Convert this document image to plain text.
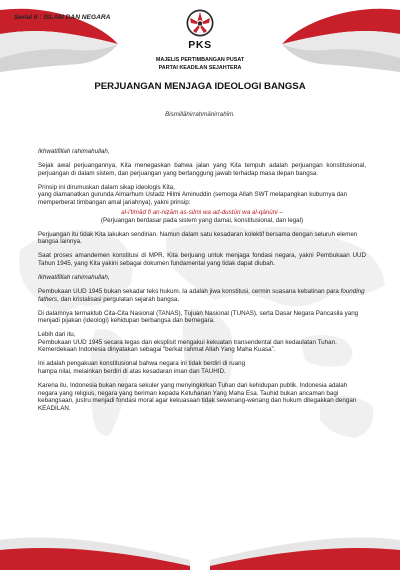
Serial 6 : ISLAM DAN NEGARA
PKS
MAJELIS PERTIMBANGAN PUSAT
PARTAI KEADILAN SEJAHTERA
PERJUANGAN MENJAGA IDEOLOGI BANGSA
Bismillāhirraḥmānirraḥīm.

Ikhwatifillah rahimahullah,

Sejak awal perjuangannya, Kita menegaskan bahwa jalan yang Kita tempuh adalah perjuangan konstitusional, perjuangan di dalam sistem, dan perjuangan yang bertanggung jawab terhadap masa depan bangsa.

Prinsip ini dirumuskan dalam sikap ideologis Kita,
yang diamanatkan gurunda Almarhum Ustadz Hilmi Aminuddin (semoga Allah SWT melapangkan kuburnya dan memperberat timbangan amal jariahnya), yakni prinsip:

al-i'timād fi an-niẓām as-silmi wa ad-dustūri wa al-qānūni –
(Perjuangan berdasar pada sistem yang damai, konstitusional, dan legal)

Perjuangan itu tidak Kita lakukan sendirian. Namun dalam satu kesadaran kolektif bersama dengan seluruh elemen bangsa lainnya.

Saat proses amandemen konstitusi di MPR, Kita berjuang untuk menjaga fondasi negara, yakni Pembukaan UUD Tahun 1945, yang Kita yakini sebagai dokumen fundamental yang tidak dapat diubah.

Ikhwatifillah rahimahullah,

Pembukaan UUD 1945 bukan sekadar teks hukum. Ia adalah jiwa konstitusi, cermin suasana kebatinan para founding fathers, dan kristalisasi pergulatan sejarah bangsa.

Di dalamnya termaktub Cita-Cita Nasional (TANAS), Tujuan Nasional (TUNAS), serta Dasar Negara Pancasila yang menjadi pijakan (ideologi) kehidupan berbangsa dan bernegara.

Lebih dari itu,
Pembukaan UUD 1945 secara tegas dan eksplisit mengakui kekuatan transendental dan kedaulatan Tuhan.
Kemerdekaan Indonesia dinyatakan sebagai “berkat rahmat Allah Yang Maha Kuasa”.

Ini adalah pengakuan konstitusional bahwa negara ini tidak berdiri di ruang
hampa nilai, melainkan berdiri di atas kesadaran iman dan TAUHID.

Karena itu, Indonesia bukan negara sekuler yang menyingkirkan Tuhan dari kehidupan publik. Indonesia adalah negara yang religius, negara yang beriman kepada Ketuhanan Yang Maha Esa. Tauhid bukan ancaman bagi kebangsaan, justru menjadi fondasi moral agar kekuasaan tidak sewenang-wenang dan hukum ditegakkan dengan KEADILAN.
